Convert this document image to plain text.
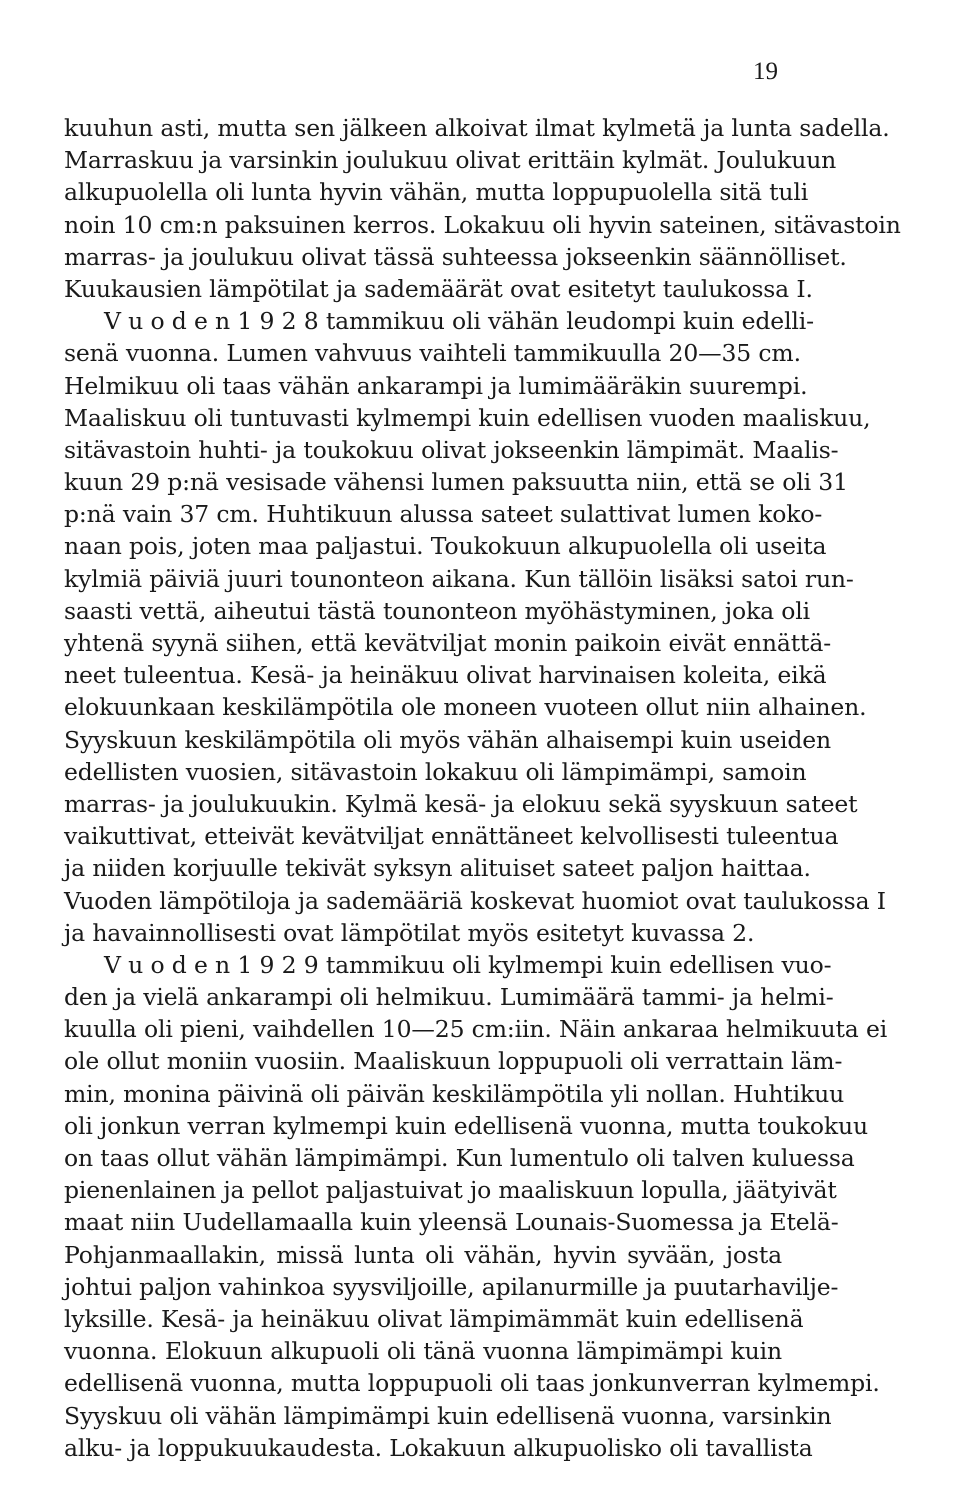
19
kuuhun asti, mutta sen jälkeen alkoivat ilmat kylmetä ja lunta sadella.
Marraskuu ja varsinkin joulukuu olivat erittäin kylmät. Joulukuun
alkupuolella oli lunta hyvin vähän, mutta loppupuolella sitä tuli
noin 10 cm:n paksuinen kerros. Lokakuu oli hyvin sateinen, sitävastoin
marras- ja joulukuu olivat tässä suhteessa jokseenkin säännölliset.
Kuukausien lämpötilat ja sademäärät ovat esitetyt taulukossa I.
V u o d e n 1 9 2 8 tammikuu oli vähän leudompi kuin edelli-
senä vuonna. Lumen vahvuus vaihteli tammikuulla 20—35 cm.
Helmikuu oli taas vähän ankarampi ja lumimääräkin suurempi.
Maaliskuu oli tuntuvasti kylmempi kuin edellisen vuoden maaliskuu,
sitävastoin huhti- ja toukokuu olivat jokseenkin lämpimät. Maalis-
kuun 29 p:nä vesisade vähensi lumen paksuutta niin, että se oli 31
p:nä vain 37 cm. Huhtikuun alussa sateet sulattivat lumen koko-
naan pois, joten maa paljastui. Toukokuun alkupuolella oli useita
kylmiä päiviä juuri tounonteon aikana. Kun tällöin lisäksi satoi run-
saasti vettä, aiheutui tästä tounonteon myöhästyminen, joka oli
yhtenä syynä siihen, että kevätviljat monin paikoin eivät ennättä-
neet tuleentua. Kesä- ja heinäkuu olivat harvinaisen koleita, eikä
elokuunkaan keskilämpötila ole moneen vuoteen ollut niin alhainen.
Syyskuun keskilämpötila oli myös vähän alhaisempi kuin useiden
edellisten vuosien, sitävastoin lokakuu oli lämpimämpi, samoin
marras- ja joulukuukin. Kylmä kesä- ja elokuu sekä syyskuun sateet
vaikuttivat, etteivät kevätviljat ennättäneet kelvollisesti tuleentua
ja niiden korjuulle tekivät syksyn alituiset sateet paljon haittaa.
Vuoden lämpötiloja ja sademääriä koskevat huomiot ovat taulukossa I
ja havainnollisesti ovat lämpötilat myös esitetyt kuvassa 2.
V u o d e n 1 9 2 9 tammikuu oli kylmempi kuin edellisen vuo-
den ja vielä ankarampi oli helmikuu. Lumimäärä tammi- ja helmi-
kuulla oli pieni, vaihdellen 10—25 cm:iin. Näin ankaraa helmikuuta ei
ole ollut moniin vuosiin. Maaliskuun loppupuoli oli verrattain läm-
min, monina päivinä oli päivän keskilämpötila yli nollan. Huhtikuu
oli jonkun verran kylmempi kuin edellisenä vuonna, mutta toukokuu
on taas ollut vähän lämpimämpi. Kun lumentulo oli talven kuluessa
pienenlainen ja pellot paljastuivat jo maaliskuun lopulla, jäätyivät
maat niin Uudellamaalla kuin yleensä Lounais-Suomessa ja Etelä-
Pohjanmaallakin, missä lunta oli vähän, hyvin syvään, josta
johtui paljon vahinkoa syysviljoille, apilanurmille ja puutarhavilje-
lyksille. Kesä- ja heinäkuu olivat lämpimämmät kuin edellisenä
vuonna. Elokuun alkupuoli oli tänä vuonna lämpimämpi kuin
edellisenä vuonna, mutta loppupuoli oli taas jonkunverran kylmempi.
Syyskuu oli vähän lämpimämpi kuin edellisenä vuonna, varsinkin
alku- ja loppukuukaudesta. Lokakuun alkupuolisko oli tavallista
